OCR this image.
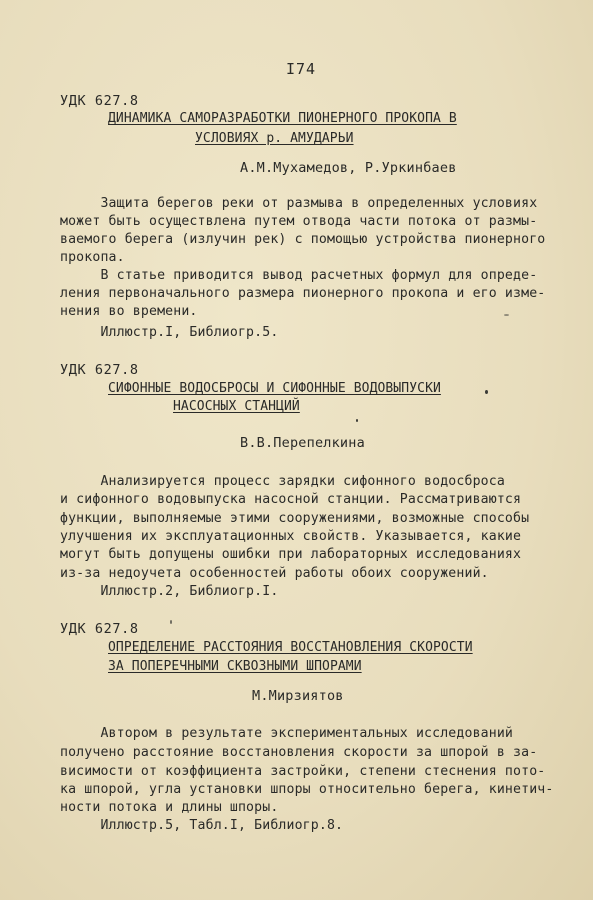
I74
УДК 627.8
ДИНАМИКА САМОРАЗРАБОТКИ ПИОНЕРНОГО ПРОКОПА В
УСЛОВИЯХ р. АМУДАРЬИ
А.М.Мухамедов, Р.Уркинбаев
Защита берегов реки от размыва в определенных условиях
может быть осуществлена путем отвода части потока от размы-
ваемого берега (излучин рек) с помощью устройства пионерного
прокопа.
В статье приводится вывод расчетных формул для опреде-
ления первоначального размера пионерного прокопа и его изме-
нения во времени.
Иллюстр.I, Библиогр.5.
УДК 627.8
СИФОННЫЕ ВОДОСБРОСЫ И СИФОННЫЕ ВОДОВЫПУСКИ
НАСОСНЫХ СТАНЦИЙ
В.В.Перепелкина
Анализируется процесс зарядки сифонного водосброса
и сифонного водовыпуска насосной станции. Рассматриваются
функции, выполняемые этими сооружениями, возможные способы
улучшения их эксплуатационных свойств. Указывается, какие
могут быть допущены ошибки при лабораторных исследованиях
из-за недоучета особенностей работы обоих сооружений.
Иллюстр.2, Библиогр.I.
УДК 627.8
ОПРЕДЕЛЕНИЕ РАССТОЯНИЯ ВОССТАНОВЛЕНИЯ СКОРОСТИ
ЗА ПОПЕРЕЧНЫМИ СКВОЗНЫМИ ШПОРАМИ
М.Мирзиятов
Автором в результате экспериментальных исследований
получено расстояние восстановления скорости за шпорой в за-
висимости от коэффициента застройки, степени стеснения пото-
ка шпорой, угла установки шпоры относительно берега, кинетич-
ности потока и длины шпоры.
Иллюстр.5, Табл.I, Библиогр.8.
